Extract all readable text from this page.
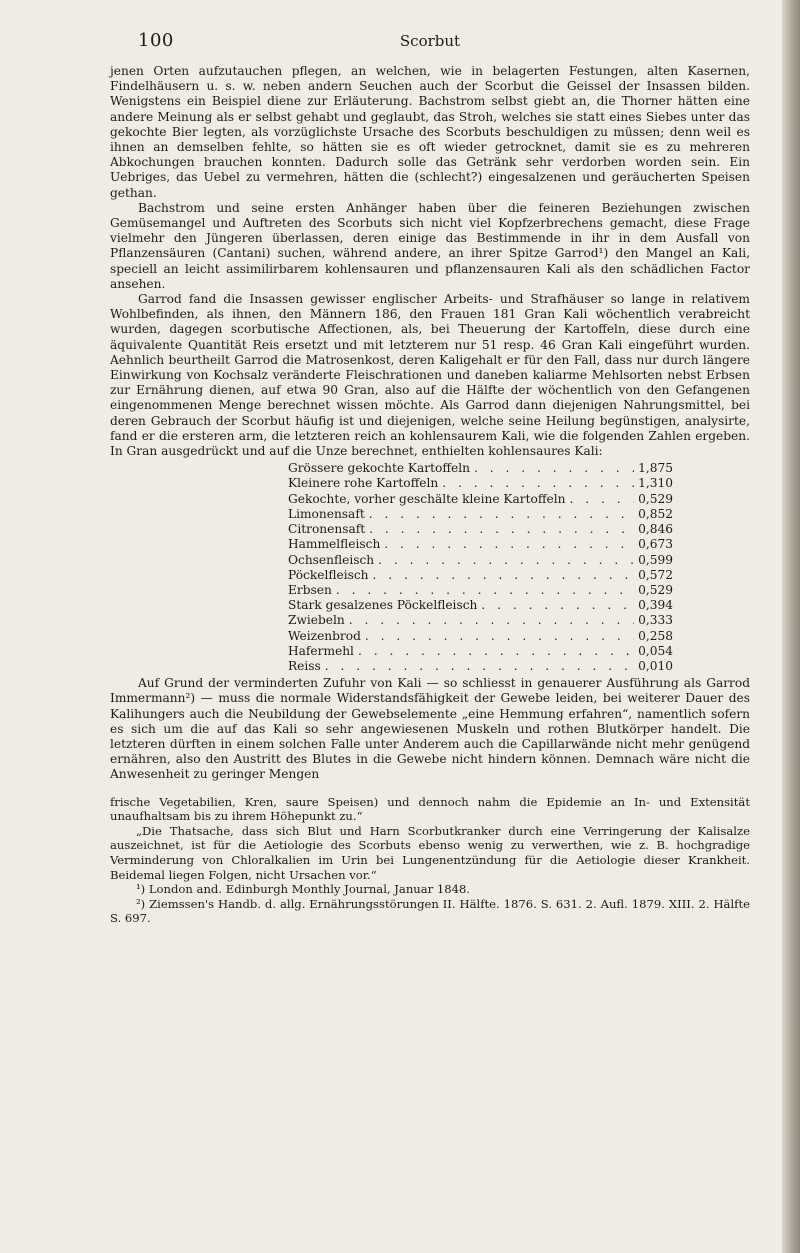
100	Scorbut

jenen Orten aufzutauchen pflegen, an welchen, wie in belagerten Festungen, alten Kasernen, Findelhäusern u. s. w. neben andern Seuchen auch der Scorbut die Geissel der Insassen bilden. Wenigstens ein Beispiel diene zur Erläuterung. Bachstrom selbst giebt an, die Thorner hätten eine andere Meinung als er selbst gehabt und geglaubt, das Stroh, welches sie statt eines Siebes unter das gekochte Bier legten, als vorzüglichste Ursache des Scorbuts beschuldigen zu müssen; denn weil es ihnen an demselben fehlte, so hätten sie es oft wieder getrocknet, damit sie es zu mehreren Abkochungen brauchen konnten. Dadurch solle das Getränk sehr verdorben worden sein. Ein Uebriges, das Uebel zu vermehren, hätten die (schlecht?) eingesalzenen und geräucherten Speisen gethan.

Bachstrom und seine ersten Anhänger haben über die feineren Beziehungen zwischen Gemüsemangel und Auftreten des Scorbuts sich nicht viel Kopfzerbrechens gemacht, diese Frage vielmehr den Jüngeren überlassen, deren einige das Bestimmende in ihr in dem Ausfall von Pflanzensäuren (Cantani) suchen, während andere, an ihrer Spitze Garrod¹) den Mangel an Kali, speciell an leicht assimilirbarem kohlensauren und pflanzensauren Kali als den schädlichen Factor ansehen.

Garrod fand die Insassen gewisser englischer Arbeits- und Strafhäuser so lange in relativem Wohlbefinden, als ihnen, den Männern 186, den Frauen 181 Gran Kali wöchentlich verabreicht wurden, dagegen scorbutische Affectionen, als, bei Theuerung der Kartoffeln, diese durch eine äquivalente Quantität Reis ersetzt und mit letzterem nur 51 resp. 46 Gran Kali eingeführt wurden. Aehnlich beurtheilt Garrod die Matrosenkost, deren Kaligehalt er für den Fall, dass nur durch längere Einwirkung von Kochsalz veränderte Fleischrationen und daneben kaliarme Mehlsorten nebst Erbsen zur Ernährung dienen, auf etwa 90 Gran, also auf die Hälfte der wöchentlich von den Gefangenen eingenommenen Menge berechnet wissen möchte. Als Garrod dann diejenigen Nahrungsmittel, bei deren Gebrauch der Scorbut häufig ist und diejenigen, welche seine Heilung begünstigen, analysirte, fand er die ersteren arm, die letzteren reich an kohlensaurem Kali, wie die folgenden Zahlen ergeben. In Gran ausgedrückt und auf die Unze berechnet, enthielten kohlensaures Kali:

Grössere gekochte Kartoffeln . . .	1,875
Kleinere rohe Kartoffeln . . .	1,310
Gekochte, vorher geschälte kleine Kartoffeln . . .	0,529
Limonensaft . . .	0,852
Citronensaft . . .	0,846
Hammelfleisch . . .	0,673
Ochsenfleisch . . .	0,599
Pöckelfleisch . . .	0,572
Erbsen . . .	0,529
Stark gesalzenes Pöckelfleisch . . .	0,394
Zwiebeln . . .	0,333
Weizenbrod . . .	0,258
Hafermehl . . .	0,054
Reiss . . .	0,010

Auf Grund der verminderten Zufuhr von Kali — so schliesst in genauerer Ausführung als Garrod Immermann²) — muss die normale Widerstandsfähigkeit der Gewebe leiden, bei weiterer Dauer des Kalihungers auch die Neubildung der Gewebselemente „eine Hemmung erfahren“, namentlich sofern es sich um die auf das Kali so sehr angewiesenen Muskeln und rothen Blutkörper handelt. Die letzteren dürften in einem solchen Falle unter Anderem auch die Capillarwände nicht mehr genügend ernähren, also den Austritt des Blutes in die Gewebe nicht hindern können. Demnach wäre nicht die Anwesenheit zu geringer Mengen

frische Vegetabilien, Kren, saure Speisen) und dennoch nahm die Epidemie an In- und Extensität unaufhaltsam bis zu ihrem Höhepunkt zu.“

„Die Thatsache, dass sich Blut und Harn Scorbutkranker durch eine Verringerung der Kalisalze auszeichnet, ist für die Aetiologie des Scorbuts ebenso wenig zu verwerthen, wie z. B. hochgradige Verminderung von Chloralkalien im Urin bei Lungenentzündung für die Aetiologie dieser Krankheit. Beidemal liegen Folgen, nicht Ursachen vor.“

¹) London and. Edinburgh Monthly Journal, Januar 1848.

²) Ziemssen's Handb. d. allg. Ernährungsstörungen II. Hälfte. 1876. S. 631. 2. Aufl. 1879. XIII. 2. Hälfte S. 697.
